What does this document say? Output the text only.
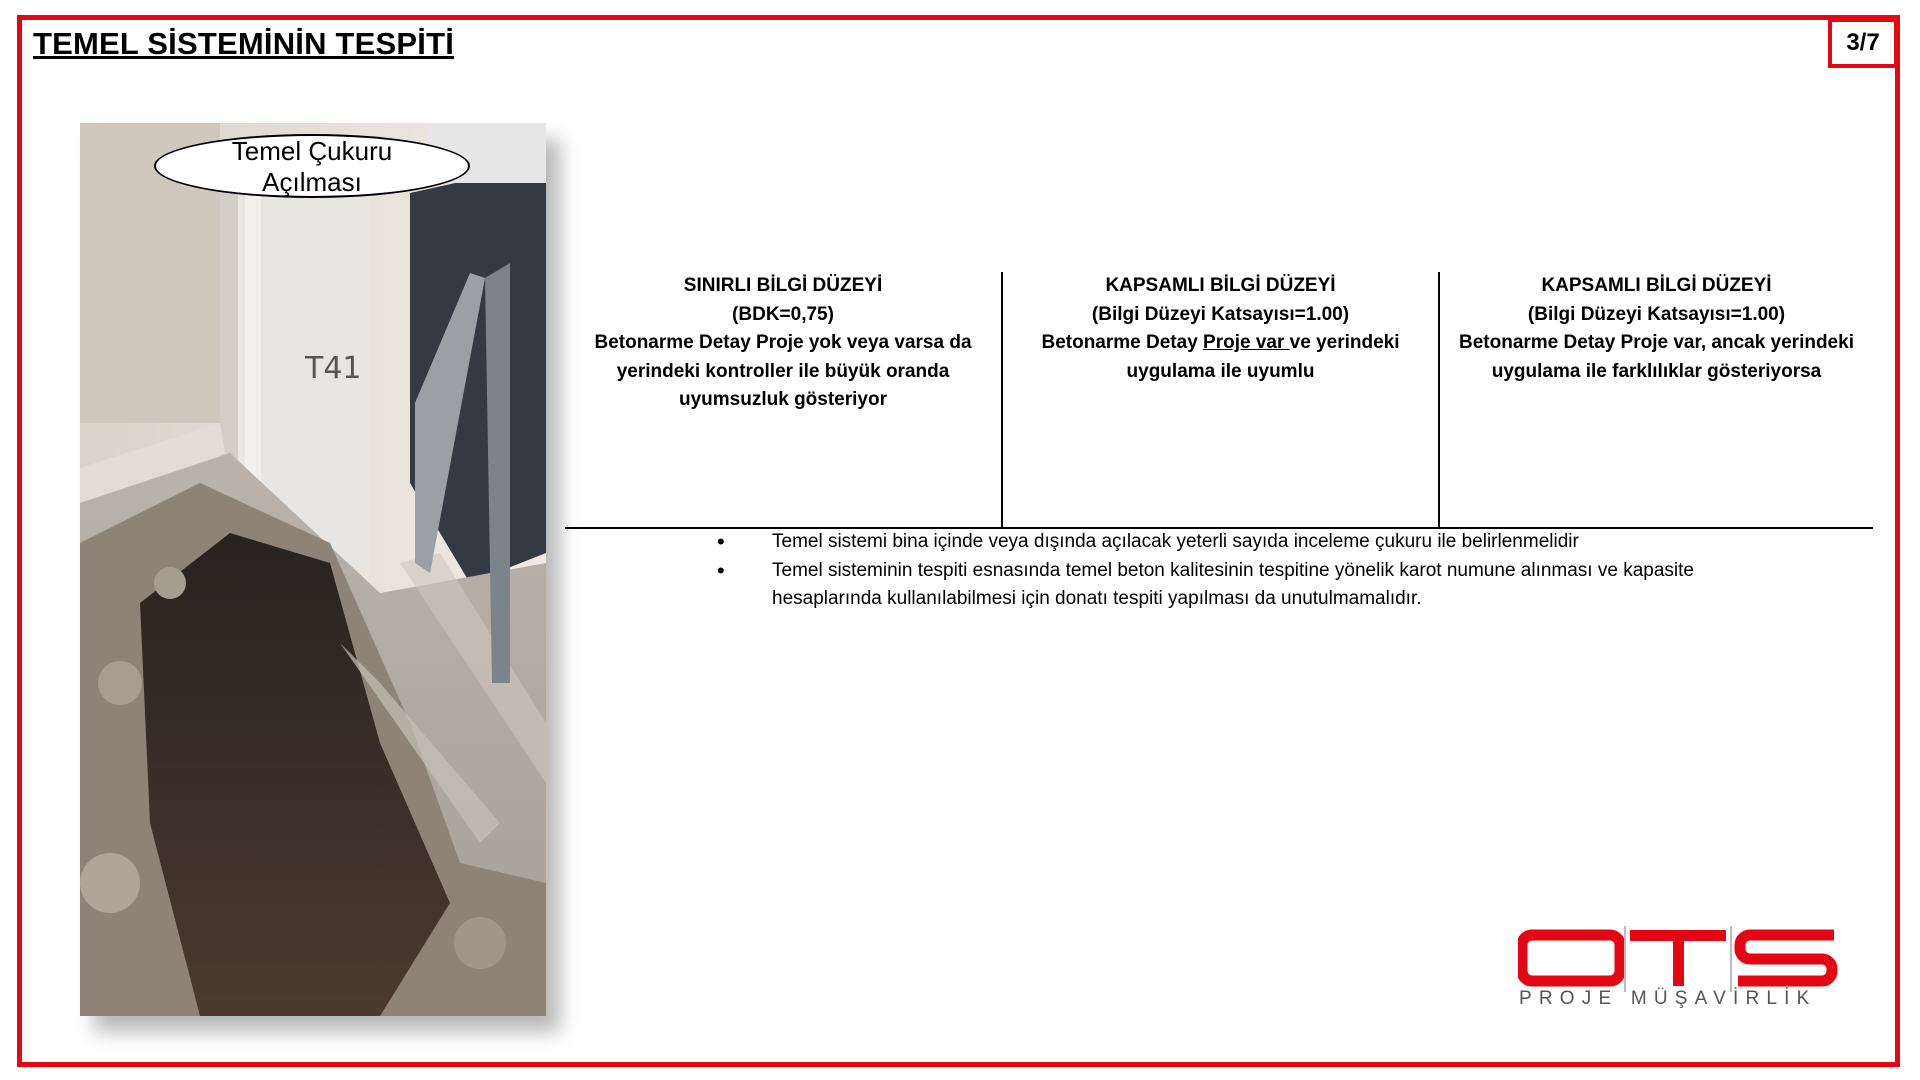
TEMEL SİSTEMİNİN TESPİTİ	3/7
T41
Temel Çukuru
Açılması
SINIRLI BİLGİ DÜZEYİ
(BDK=0,75)
Betonarme Detay Proje yok veya varsa da
yerindeki kontroller ile büyük oranda
uyumsuzluk gösteriyor
KAPSAMLI BİLGİ DÜZEYİ
(Bilgi Düzeyi Katsayısı=1.00)
Betonarme Detay Proje var ve yerindeki
uygulama ile uyumlu
KAPSAMLI BİLGİ DÜZEYİ
(Bilgi Düzeyi Katsayısı=1.00)
Betonarme Detay Proje var, ancak yerindeki
uygulama ile farklılıklar gösteriyorsa
• Temel sistemi bina içinde veya dışında açılacak yeterli sayıda inceleme çukuru ile belirlenmelidir
• Temel sisteminin tespiti esnasında temel beton kalitesinin tespitine yönelik karot numune alınması ve kapasite hesaplarında kullanılabilmesi için donatı tespiti yapılması da unutulmamalıdır.
PROJE MÜŞAVİRLİK
